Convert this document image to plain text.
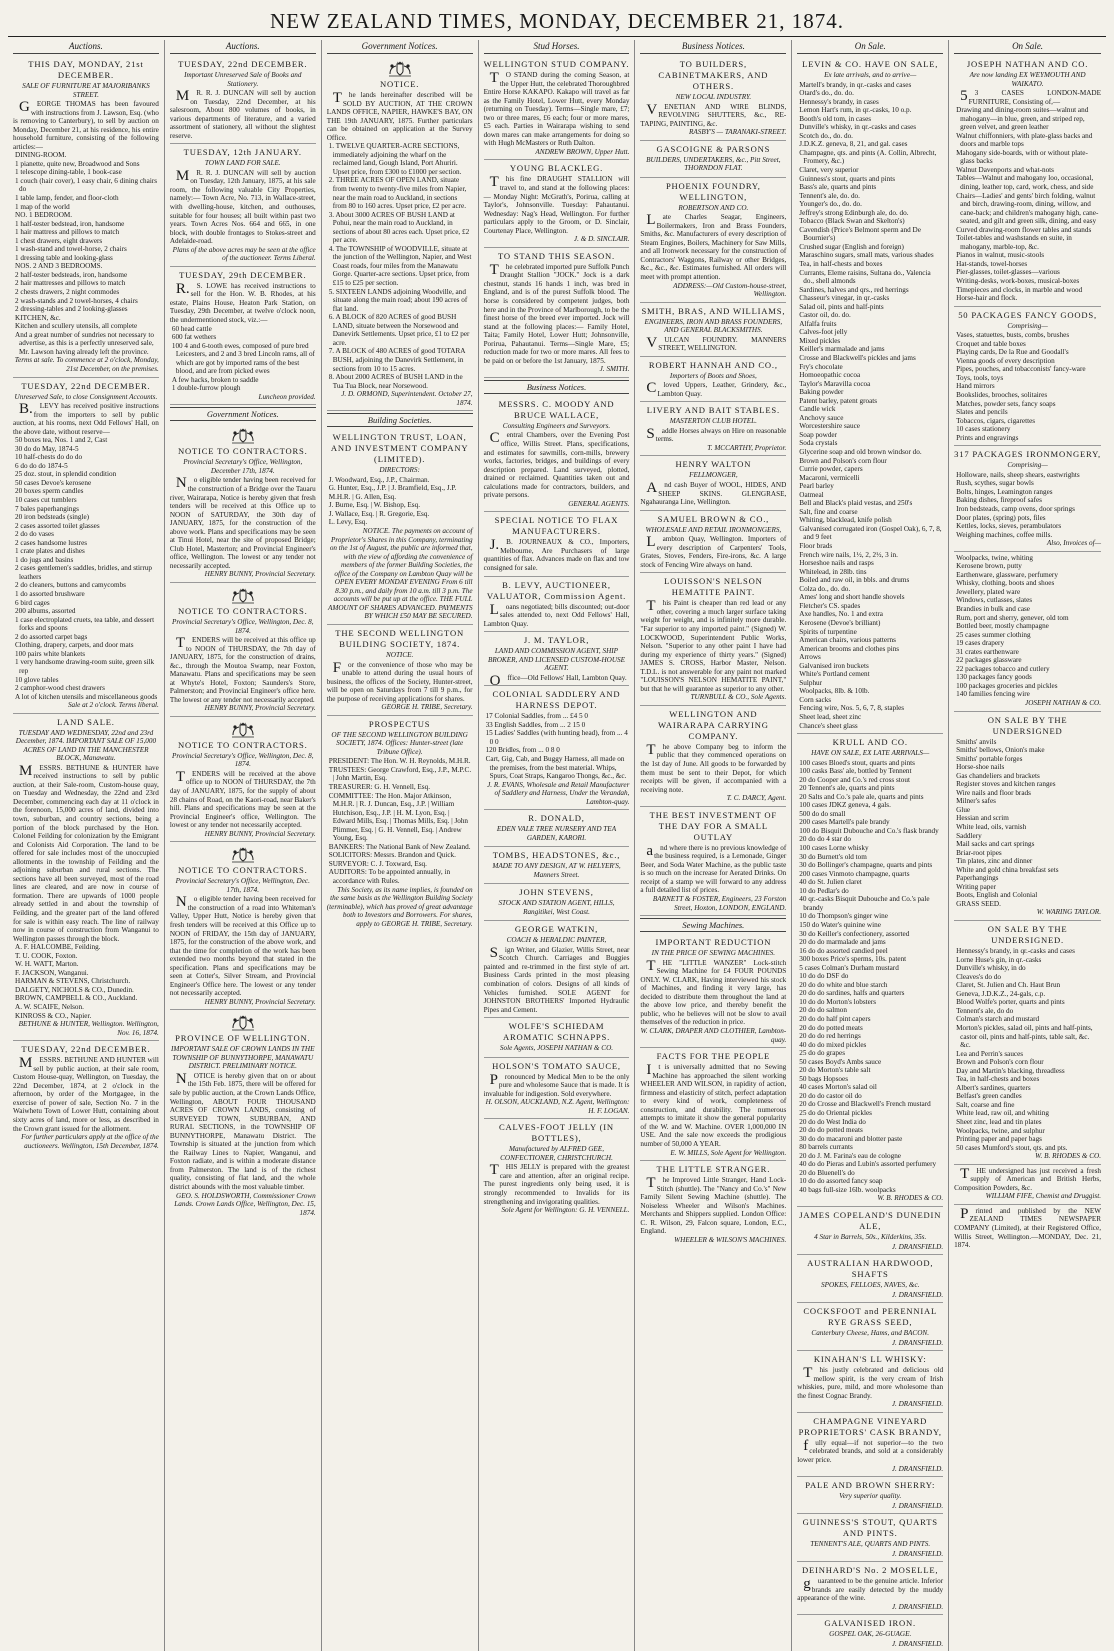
NEW ZEALAND TIMES, MONDAY, DECEMBER 21, 1874.
Auctions.
THIS DAY, MONDAY, 21st DECEMBER.
SALE OF FURNITURE AT MAJORIBANKS STREET.

GEORGE THOMAS has been favoured with instructions from J. Lawson, Esq. (who is removing to Canterbury), to sell by auction on Monday, December 21, at his residence, his entire household furniture, consisting of the following articles:—

DINING-ROOM.
1 pianette, quite new, Broadwood and Sons
1 telescope dining-table, 1 book-case
1 couch (hair cover), 1 easy chair, 6 dining chairs do
1 table lamp, fender, and floor-cloth
1 map of the world
NO. 1 BEDROOM.
1 half-tester bedstead, iron, handsome
1 hair mattress and pillows to match
1 chest drawers, eight drawers
1 wash-stand and towel-horse, 2 chairs
1 dressing table and looking-glass
NOS. 2 AND 3 BEDROOMS.
2 half-tester bedsteads, iron, handsome
2 hair mattresses and pillows to match
2 chests drawers, 2 night commodes
2 wash-stands and 2 towel-horses, 4 chairs
2 dressing-tables and 2 looking-glasses
KITCHEN, &c.
Kitchen and scullery utensils, all complete
And a great number of sundries not necessary to advertise, as this is a perfectly unreserved sale, Mr. Lawson having already left the province.

Terms at sale. To commence at 2 o'clock, Monday, 21st December, on the premises.

TUESDAY, 22nd DECEMBER.
Unreserved Sale, to close Consignment Accounts.

B.LEVY has received positive instructions from the importers to sell by public auction, at his rooms, next Odd Fellows' Hall, on the above date, without reserve—

50 boxes tea, Nos. 1 and 2, Cast
30 do do May, 1874-5
10 half-chests do do do
6 do do do 1874-5
25 doz. stout, in splendid condition
50 cases Devoe's kerosene
20 boxes sperm candles
10 cases cut tumblers
7 bales paperhangings
20 iron bedsteads (single)
2 cases assorted toilet glasses
2 do do vases
2 cases handsome lustres
1 crate plates and dishes
1 do jugs and basins
2 cases gentlemen's saddles, bridles, and stirrup leathers
2 do cleaners, buttons and camycombs
1 do assorted brushware
6 bird cages
200 albums, assorted
1 case electroplated cruets, tea table, and dessert forks and spoons
2 do assorted carpet bags
Clothing, drapery, carpets, and door mats
100 pairs white blankets
1 very handsome drawing-room suite, green silk rep
10 glove tables
2 camphor-wood chest drawers
A lot of kitchen utensils and miscellaneous goods

Sale at 2 o'clock. Terms liberal.

LAND SALE.
TUESDAY AND WEDNESDAY, 22nd and 23rd December, 1874. IMPORTANT SALE OF 15,000 ACRES OF LAND IN THE MANCHESTER BLOCK, Manawatu.

MESSRS. BETHUNE & HUNTER have received instructions to sell by public auction, at their Sale-room, Custom-house quay, on Tuesday and Wednesday, the 22nd and 23rd December, commencing each day at 11 o'clock in the forenoon, 15,000 acres of land, divided into town, suburban, and country sections, being a portion of the block purchased by the Hon. Colonel Feilding for colonization by the Emigrant and Colonists Aid Corporation. The land to be offered for sale includes most of the unoccupied allotments in the township of Feilding and the adjoining suburban and rural sections. The sections have all been surveyed, most of the road lines are cleared, and are now in course of formation. There are upwards of 1000 people already settled in and about the township of Feilding, and the greater part of the land offered for sale is within easy reach. The line of railway now in course of construction from Wanganui to Wellington passes through the block.

A. F. HALCOMBE, Feilding.
T. U. COOK, Foxton.
W. H. WATT, Marton.
F. JACKSON, Wanganui.
HARMAN & STEVENS, Christchurch.
DALGETY, NICHOLS & CO., Dunedin.
BROWN, CAMPBELL & CO., Auckland.
A. W. SCAIFE, Nelson.
KINROSS & CO., Napier.

BETHUNE & HUNTER, Wellington. Wellington, Nov. 16, 1874.

TUESDAY, 22nd DECEMBER.

MESSRS. BETHUNE AND HUNTER will sell by public auction, at their sale room, Custom House-quay, Wellington, on Tuesday, the 22nd December, 1874, at 2 o'clock in the afternoon, by order of the Mortgagee, in the exercise of power of sale, Section No. 7 in the Waiwhetu Town of Lower Hutt, containing about sixty acres of land, more or less, as described in the Crown grant issued for the allotment.

For further particulars apply at the office of the auctioneers. Wellington, 15th December, 1874.

Auctions.
TUESDAY, 22nd DECEMBER.
Important Unreserved Sale of Books and Stationery.

MR. R. J. DUNCAN will sell by auction on Tuesday, 22nd December, at his salesroom, About 800 volumes of books, in various departments of literature, and a varied assortment of stationery, all without the slightest reserve.

TUESDAY, 12th JANUARY.
TOWN LAND FOR SALE.

MR. R. J. DUNCAN will sell by auction on Tuesday, 12th January, 1875, at his sale room, the following valuable City Properties, namely:— Town Acre, No. 713, in Wallace-street, with dwelling-house, kitchen, and outhouses, suitable for four houses; all built within past two years. Town Acres Nos. 664 and 665, in one block, with double frontages to Stokes-street and Adelaide-road.

Plans of the above acres may be seen at the office of the auctioneer. Terms Liberal.

TUESDAY, 29th DECEMBER.

R.S. LOWE has received instructions to sell for the Hon. W. B. Rhodes, at his estate, Plains House, Heaton Park Station, on Tuesday, 29th December, at twelve o'clock noon, the undermentioned stock, viz.:—

60 head cattle
600 fat wethers
100 4 and 6-tooth ewes, composed of pure bred Leicesters, and 2 and 3 bred Lincoln rams, all of which are got by imported rams of the best blood, and are from picked ewes
A few hacks, broken to saddle
1 double-furrow plough

Luncheon provided.

Government Notices.
NOTICE TO CONTRACTORS.
Provincial Secretary's Office, Wellington, December 17th, 1874.

No eligible tender having been received for the construction of a Bridge over the Tauaru river, Wairarapa, Notice is hereby given that fresh tenders will be received at this Office up to NOON of SATURDAY, the 30th day of JANUARY, 1875, for the construction of the above work. Plans and specifications may be seen at Tinui Hotel, near the site of proposed Bridge; Club Hotel, Masterton; and Provincial Engineer's office, Wellington. The lowest or any tender not necessarily accepted.

HENRY BUNNY, Provincial Secretary.

NOTICE TO CONTRACTORS.
Provincial Secretary's Office, Wellington, Dec. 8, 1874.

TENDERS will be received at this office up to NOON of THURSDAY, the 7th day of JANUARY, 1875, for the construction of drains, &c., through the Moutoa Swamp, near Foxton, Manawatu. Plans and specifications may be seen at Whyte's Hotel, Foxton; Saunders's Store, Palmerston; and Provincial Engineer's office here. The lowest or any tender not necessarily accepted.

HENRY BUNNY, Provincial Secretary.

NOTICE TO CONTRACTORS.
Provincial Secretary's Office, Wellington, Dec. 8, 1874.

TENDERS will be received at the above office up to NOON of THURSDAY, the 7th day of JANUARY, 1875, for the supply of about 28 chains of Road, on the Kaori-road, near Baker's hill. Plans and specifications may be seen at the Provincial Engineer's office, Wellington. The lowest or any tender not necessarily accepted.

HENRY BUNNY, Provincial Secretary.

NOTICE TO CONTRACTORS.
Provincial Secretary's Office, Wellington, Dec. 17th, 1874.

No eligible tender having been received for the construction of a road into Whiteman's Valley, Upper Hutt, Notice is hereby given that fresh tenders will be received at this Office up to NOON of FRIDAY, the 15th day of JANUARY, 1875, for the construction of the above work, and that the time for completion of the work has been extended two months beyond that stated in the specification. Plans and specifications may be seen at Cotter's, Silver Stream, and Provincial Engineer's Office here. The lowest or any tender not necessarily accepted.

HENRY BUNNY, Provincial Secretary.

PROVINCE OF WELLINGTON.
IMPORTANT SALE OF CROWN LANDS IN THE TOWNSHIP OF BUNNYTHORPE, MANAWATU DISTRICT. PRELIMINARY NOTICE.

NOTICE is hereby given that on or about the 15th Feb. 1875, there will be offered for sale by public auction, at the Crown Lands Office, Wellington, ABOUT FOUR THOUSAND ACRES OF CROWN LANDS, consisting of SURVEYED TOWN, SUBURBAN, AND RURAL SECTIONS, in the TOWNSHIP OF BUNNYTHORPE, Manawatu District. The Township is situated at the junction from which the Railway Lines to Napier, Wanganui, and Foxton radiate, and is within a moderate distance from Palmerston. The land is of the richest quality, consisting of flat land, and the whole district abounds with the most valuable timber.

GEO. S. HOLDSWORTH, Commissioner Crown Lands. Crown Lands Office, Wellington, Dec. 15, 1874.

Government Notices.
NOTICE.

The lands hereinafter described will be SOLD BY AUCTION, AT THE CROWN LANDS OFFICE, NAPIER, HAWKE'S BAY, ON THE 19th JANUARY, 1875. Further particulars can be obtained on application at the Survey Office.

1. TWELVE QUARTER-ACRE SECTIONS, immediately adjoining the wharf on the reclaimed land, Gough Island, Port Ahuriri. Upset price, from £300 to £1000 per section.
2. THREE ACRES OF OPEN LAND, situate from twenty to twenty-five miles from Napier, near the main road to Auckland, in sections from 80 to 160 acres. Upset price, £2 per acre.
3. About 3000 ACRES OF BUSH LAND at Pohui, near the main road to Auckland, in sections of about 80 acres each. Upset price, £2 per acre.
4. The TOWNSHIP of WOODVILLE, situate at the junction of the Wellington, Napier, and West Coast roads, four miles from the Manawatu Gorge. Quarter-acre sections. Upset price, from £15 to £25 per section.
5. SIXTEEN LANDS adjoining Woodville, and situate along the main road; about 190 acres of flat land.
6. A BLOCK of 820 ACRES of good BUSH LAND, situate between the Norsewood and Danevirk Settlements. Upset price, £1 to £2 per acre.
7. A BLOCK of 480 ACRES of good TOTARA BUSH, adjoining the Danevirk Settlement, in sections from 10 to 15 acres.
8. About 2000 ACRES of BUSH LAND in the Tua Tua Block, near Norsewood.

J. D. ORMOND, Superintendent. October 27, 1874.

Building Societies.
WELLINGTON TRUST, LOAN, AND INVESTMENT COMPANY (LIMITED).
DIRECTORS:
J. Woodward, Esq., J.P., Chairman.
G. Hunter, Esq., J.P. | J. Bramfield, Esq., J.P.
M.H.R. | G. Allen, Esq.
J. Burne, Esq. | W. Bishop, Esq.
J. Wallace, Esq. | R. Gregorie, Esq.
L. Levy, Esq.

NOTICE. The payments on account of Proprietor's Shares in this Company, terminating on the 1st of August, the public are informed that, with the view of affording the convenience of members of the former Building Societies, the office of the Company on Lambton Quay will be OPEN EVERY MONDAY EVENING From 6 till 8.30 p.m., and daily from 10 a.m. till 3 p.m. The accounts will be put up at the office. THE FULL AMOUNT OF SHARES ADVANCED. PAYMENTS BY WHICH £50 MAY BE SECURED.

THE SECOND WELLINGTON BUILDING SOCIETY, 1874.
NOTICE.

For the convenience of those who may be unable to attend during the usual hours of business, the offices of the Society, Hunter-street, will be open on Saturdays from 7 till 9 p.m., for the purpose of receiving applications for shares.

GEORGE H. TRIBE, Secretary.

PROSPECTUS
OF THE SECOND WELLINGTON BUILDING SOCIETY, 1874. Offices: Hunter-street (late Tribune Office).
PRESIDENT: The Hon. W. H. Reynolds, M.H.R.
TRUSTEES: George Crawford, Esq., J.P., M.P.C. | John Martin, Esq.
TREASURER: G. H. Vennell, Esq.
COMMITTEE: The Hon. Major Atkinson, M.H.R. | R. J. Duncan, Esq., J.P. | William Hutchison, Esq., J.P. | H. M. Lyon, Esq. | Edward Mills, Esq. | Thomas Mills, Esq. | John Plimmer, Esq. | G. H. Vennell, Esq. | Andrew Young, Esq.
BANKERS: The National Bank of New Zealand.
SOLICITORS: Messrs. Brandon and Quick.
SURVEYOR: C. J. Toxward, Esq.
AUDITORS: To be appointed annually, in accordance with Rules.

This Society, as its name implies, is founded on the same basis as the Wellington Building Society (terminable), which has proved of great advantage both to Investors and Borrowers. For shares, apply to GEORGE H. TRIBE, Secretary.

Stud Horses.
WELLINGTON STUD COMPANY.

TO STAND during the coming Season, at the Upper Hutt, the celebrated Thoroughbred Entire Horse KAKAPO. Kakapo will travel as far as the Family Hotel, Lower Hutt, every Monday (returning on Tuesday). Terms—Single mare, £7; two or three mares, £6 each; four or more mares, £5 each. Parties in Wairarapa wishing to send down mares can make arrangements for doing so with Hugh McMasters or Ruth Dalton.

ANDREW BROWN, Upper Hutt.

YOUNG BLACKLEG.

This fine DRAUGHT STALLION will travel to, and stand at the following places:— Monday Night: McGrath's, Porirua, calling at Taylor's, Johnsonville. Tuesday: Pahautanui. Wednesday: Nag's Head, Wellington. For further particulars apply to the Groom, or D. Sinclair, Courtenay Place, Wellington.

J. & D. SINCLAIR.

TO STAND THIS SEASON.

The celebrated imported pure Suffolk Punch Draught Stallion "JOCK." Jock is a dark chestnut, stands 16 hands 1 inch, was bred in England, and is of the purest Suffolk blood. The horse is considered by competent judges, both here and in the Province of Marlborough, to be the finest horse of the breed ever imported. Jock will stand at the following places:— Family Hotel, Taita; Family Hotel, Lower Hutt; Johnsonville, Porirua, Pahautanui. Terms—Single Mare, £5; reduction made for two or more mares. All fees to be paid on or before the 1st January, 1875.

J. SMITH.

Business Notices.
MESSRS. C. MOODY AND BRUCE WALLACE,
Consulting Engineers and Surveyors.

Central Chambers, over the Evening Post office, Willis Street. Plans, specifications, and estimates for sawmills, corn-mills, brewery works, factories, bridges, and buildings of every description prepared. Land surveyed, plotted, drained or reclaimed. Quantities taken out and calculations made for contractors, builders, and private persons.

GENERAL AGENTS.

SPECIAL NOTICE TO FLAX MANUFACTURERS.

J.B. JOURNEAUX & CO., Importers, Melbourne, Are Purchasers of large quantities of flax. Advances made on flax and tow consigned for sale.

B. LEVY, AUCTIONEER, VALUATOR, Commission Agent.

Loans negotiated; bills discounted; out-door sales attended to, next Odd Fellows' Hall, Lambton Quay.

J. M. TAYLOR,
LAND AND COMMISSION AGENT, SHIP BROKER, AND LICENSED CUSTOM-HOUSE AGENT.

Office—Old Fellows' Hall, Lambton Quay.

COLONIAL SADDLERY AND HARNESS DEPOT.
17 Colonial Saddles, from ... £4 5 0
33 English Saddles, from ... 2 15 0
15 Ladies' Saddles (with hunting head), from ... 4 0 0
120 Bridles, from ... 0 8 0
Cart, Gig, Cab, and Buggy Harness, all made on the premises, from the best material. Whips, Spurs, Coat Straps, Kangaroo Thongs, &c., &c.

J. R. EVANS, Wholesale and Retail Manufacturer of Saddlery and Harness, Under the Verandah, Lambton-quay.

R. DONALD,
EDEN VALE TREE NURSERY AND TEA GARDEN, KARORI.
TOMBS, HEADSTONES, &c.,
MADE TO ANY DESIGN, AT W. HELYER'S, Manners Street.
JOHN STEVENS,
STOCK AND STATION AGENT, HILLS, Rangitikei, West Coast.
GEORGE WATKIN,
COACH & HERALDIC PAINTER,

Sign Writer, and Glazier, Willis Street, near Scotch Church. Carriages and Buggies painted and re-trimmed in the first style of art. Business Cards printed in the most pleasing combination of colors. Designs of all kinds of Vehicles furnished. SOLE AGENT for JOHNSTON BROTHERS' Imported Hydraulic Pipes and Cement.

WOLFE'S SCHIEDAM AROMATIC SCHNAPPS.
Sole Agents, JOSEPH NATHAN & CO.
HOLSON'S TOMATO SAUCE,

Pronounced by Medical Men to be the only pure and wholesome Sauce that is made. It is invaluable for indigestion. Sold everywhere.

H. OLSON, AUCKLAND, N.Z. Agent, Wellington: H. F. LOGAN.

CALVES-FOOT JELLY (IN BOTTLES),
Manufactured by ALFRED GEE, CONFECTIONER, CHRISTCHURCH.

THIS JELLY is prepared with the greatest care and attention, after an original recipe. The purest ingredients only being used, it is strongly recommended to Invalids for its strengthening and invigorating qualities.

Sole Agent for Wellington: G. H. VENNELL.

Business Notices.
TO BUILDERS, CABINETMAKERS, AND OTHERS.
NEW LOCAL INDUSTRY.

VENETIAN AND WIRE BLINDS, REVOLVING SHUTTERS, &c., RE-TAPING, PAINTING, &c.

RASBY'S — TARANAKI-STREET.

GASCOIGNE & PARSONS
BUILDERS, UNDERTAKERS, &c., Pitt Street, THORNDON FLAT.
PHOENIX FOUNDRY, WELLINGTON,
ROBERTSON AND CO.

Late Charles Seagar, Engineers, Boilermakers, Iron and Brass Founders, Smiths, &c. Manufacturers of every description of Steam Engines, Boilers, Machinery for Saw Mills, and all Ironwork necessary for the construction of Contractors' Waggons, Railway or other Bridges, &c., &c., &c. Estimates furnished. All orders will meet with prompt attention.

ADDRESS:—Old Custom-house-street, Wellington.

SMITH, BRAS, AND WILLIAMS,
ENGINEERS, IRON AND BRASS FOUNDERS, AND GENERAL BLACKSMITHS.

VULCAN FOUNDRY. MANNERS STREET, WELLINGTON.

ROBERT HANNAH AND CO.,
Importers of Boots and Shoes,

Cloved Uppers, Leather, Grindery, &c., Lambton Quay.

LIVERY AND BAIT STABLES.
MASTERTON CLUB HOTEL.

Saddle Horses always on Hire on reasonable terms.

T. MCCARTHY, Proprietor.

HENRY WALTON
FELLMONGER,

And cash Buyer of WOOL, HIDES, AND SHEEP SKINS. GLENGRASE, Ngahauranga Line, Wellington.

SAMUEL BROWN & CO.,
WHOLESALE AND RETAIL IRONMONGERS,

Lambton Quay, Wellington. Importers of every description of Carpenters' Tools, Grates, Stoves, Fenders, Fire-irons, &c. A large stock of Fencing Wire always on hand.

LOUISSON'S NELSON HEMATITE PAINT.

This Paint is cheaper than red lead or any other, covering a much larger surface taking weight for weight, and is infinitely more durable. "Far superior to any imported paint." (Signed) W. LOCKWOOD, Superintendent Public Works, Nelson. "Superior to any other paint I have had during my experience of thirty years." (Signed) JAMES S. CROSS, Harbor Master, Nelson. T.D.L. is not answerable for any paint not marked "LOUISSON'S NELSON HEMATITE PAINT," but that he will guarantee as superior to any other.

TURNBULL & CO., Sole Agents.

WELLINGTON AND WAIRARAPA CARRYING COMPANY.

The above Company beg to inform the public that they commenced operations on the 1st day of June. All goods to be forwarded by them must be sent to their Depot, for which receipts will be given, if accompanied with a receiving note.

T. C. DARCY, Agent.

THE BEST INVESTMENT OF THE DAY FOR A SMALL OUTLAY

and where there is no previous knowledge of the business required, is a Lemonade, Ginger Beer, and Soda Water Machine, as the public taste is so much on the increase for Aerated Drinks. On receipt of a stamp we will forward to any address a full detailed list of prices.

BARNETT & FOSTER, Engineers, 23 Forston Street, Hoxton, LONDON, ENGLAND.

Sewing Machines.
IMPORTANT REDUCTION
IN THE PRICE OF SEWING MACHINES.

THE "LITTLE WANZER" Lock-stitch Sewing Machine for £4 FOUR POUNDS ONLY. W. CLARK, Having interviewed his stock of Machines, and finding it very large, has decided to distribute them throughout the land at the above low price, and thereby benefit the public, who he believes will not be slow to avail themselves of the reduction in price.

W. CLARK, DRAPER AND CLOTHIER, Lambton-quay.

FACTS FOR THE PEOPLE

It is universally admitted that no Sewing Machine has approached the silent working WHEELER AND WILSON, in rapidity of action, firmness and elasticity of stitch, perfect adaptation to every kind of work, completeness of construction, and durability. The numerous attempts to imitate it show the general popularity of the W. and W. Machine. OVER 1,000,000 IN USE. And the sale now exceeds the prodigious number of 50,000 A YEAR.

E. W. MILLS, Sole Agent for Wellington.

THE LITTLE STRANGER.

The Improved Little Stranger, Hand Lock-Stitch (shuttle). The "Nancy and Co.'s" New Family Silent Sewing Machine (shuttle). The Noiseless Wheeler and Wilson's Machines. Merchants and Shippers supplied. London Office: C. R. Wilson, 29, Falcon square, London, E.C., England.

WHEELER & WILSON'S MACHINES.

On Sale.
LEVIN & CO. HAVE ON SALE,
Ex late arrivals, and to arrive—
Martell's brandy, in qr.-casks and cases
Otard's do., do. do.
Hennessy's brandy, in cases
Lemon Hart's rum, in qr.-casks, 10 o.p.
Booth's old tom, in cases
Dunville's whisky, in qr.-casks and cases
Scotch do., do. do.
J.D.K.Z. geneva, 8, 21, and gal. cases
Champagne, qts. and pints (A. Collin, Albrecht, Fromery, &c.)
Claret, very superior
Guinness's stout, quarts and pints
Bass's ale, quarts and pints
Tennent's ale, do. do.
Younger's do., do. do.
Jeffrey's strong Edinburgh ale, do. do.
Tobacco (Black Swan and Skelton's)
Cavendish (Price's Belmont sperm and De Bournier's)
Crushed sugar (English and foreign)
Maraschino sugars, small mats, various shades
Tea, in half-chests and boxes
Currants, Eleme raisins, Sultana do., Valencia do., shell almonds
Sardines, halves and qrs., red herrings
Chasseur's vinegar, in qr.-casks
Salad oil, pints and half-pints
Castor oil, do. do.
Alfalfa fruits
Calves-foot jelly
Mixed pickles
Keiller's marmalade and jams
Crosse and Blackwell's pickles and jams
Fry's chocolate
Homoeopathic cocoa
Taylor's Maravilla cocoa
Baking powder
Patent barley, patent groats
Candle wick
Anchovy sauce
Worcestershire sauce
Soap powder
Soda crystals
Glycerine soap and old brown windsor do.
Brown and Polson's corn flour
Currie powder, capers
Macaroni, vermicelli
Pearl barley
Oatmeal
Bell and Black's plaid vestas, and 250's
Salt, fine and coarse
Whiting, blacklead, knife polish
Galvanised corrugated iron (Gospel Oak), 6, 7, 8, and 9 feet
Floor brads
French wire nails, 1½, 2, 2½, 3 in.
Horseshoe nails and rasps
Whitelead, in 28lb. tins
Boiled and raw oil, in bbls. and drums
Colza do., do. do.
Ames' long and short handle shovels
Fletcher's CS. spades
Axe handles, No. 1 and extra
Kerosene (Devoe's brilliant)
Spirits of turpentine
American chairs, various patterns
American brooms and clothes pins
Arrows
Galvanised iron buckets
White's Portland cement
Sulphur
Woolpacks, 8lb. & 10lb.
Corn sacks
Fencing wire, Nos. 5, 6, 7, 8, staples
Sheet lead, sheet zinc
Chance's sheet glass
KRULL AND CO.
HAVE ON SALE, EX LATE ARRIVALS—
100 cases Bloed's stout, quarts and pints
100 casks Bass' ale, bottled by Tennent
20 do Cooper and Co.'s red cross stout
20 Tennent's ale, quarts and pints
20 Salts and Co.'s pale ale, quarts and pints
100 cases JDKZ geneva, 4 gals.
500 do do small
200 cases Martell's pale brandy
100 do Bisquit Dubouche and Co.'s flask brandy
20 do do 4 star do
100 cases Lorne whisky
30 do Burnett's old tom
30 do Bollinger's champagne, quarts and pints
200 cases Vinmoto champagne, quarts
40 do St. Julien claret
10 do Pedlar's do
40 qr.-casks Bisquit Dubouche and Co.'s pale brandy
10 do Thompson's ginger wine
150 do Water's quinine wine
30 do Keiller's confectionery, assorted
20 do do marmalade and jams
16 do do assorted candied peel
300 boxes Price's sperms, 10s. patent
5 cases Colman's Durham mustard
10 do do DSF do
20 do do white and blue starch
20 do do sardines, halfs and quarters
10 do do Morton's lobsters
20 do do salmon
20 do do half pint capers
20 do do potted meats
20 do do red herrings
40 do do mixed pickles
25 do do grapes
50 cases Boyd's Ambs sauce
20 do Morton's table salt
50 bags Hopsoes
40 cases Morton's salad oil
20 do do castor oil do
20 do Crosse and Blackwell's French mustard
25 do do Oriental pickles
20 do do West India do
20 do do potted meats
30 do do macaroni and blotter paste
80 barrels currants
20 do J. M. Farina's eau de cologne
40 do do Pieras and Lubin's assorted perfumery
20 do Bluenell's do
10 do do assorted fancy soap
40 bags full-size 16lb. woolpacks

W. B. RHODES & CO.

JAMES COPELAND'S DUNEDIN ALE,
4 Star in Barrels, 50s., Kilderkins, 35s.

J. DRANSFIELD.

AUSTRALIAN HARDWOOD, SHAFTS
SPOKES, FELLOES, NAVES, &c.

J. DRANSFIELD.

COCKSFOOT and PERENNIAL RYE GRASS SEED,
Canterbury Cheese, Hams, and BACON.

J. DRANSFIELD.

KINAHAN'S LL WHISKY:

This justly celebrated and delicious old mellow spirit, is the very cream of Irish whiskies, pure, mild, and more wholesome than the finest Cognac Brandy.

J. DRANSFIELD.

CHAMPAGNE VINEYARD PROPRIETORS' CASK BRANDY,

fully equal—if not superior—to the two celebrated brands, and sold at a considerably lower price.

J. DRANSFIELD.

PALE AND BROWN SHERRY:
Very superior quality.

J. DRANSFIELD.

GUINNESS'S STOUT, QUARTS AND PINTS.
TENNENT'S ALE, QUARTS AND PINTS.

J. DRANSFIELD.

DEINHARD'S No. 2 MOSELLE,

guaranteed to be the genuine article. Inferior brands are easily detected by the muddy appearance of the wine.

J. DRANSFIELD.

GALVANISED IRON.
GOSPEL OAK, 26-GUAGE.

J. DRANSFIELD.

On Sale.
JOSEPH NATHAN AND CO.
Are now landing EX WEYMOUTH AND WAIKATO.

53 CASES LONDON-MADE FURNITURE, Consisting of,—

Drawing and dining-room suites—walnut and mahogany—in blue, green, and striped rep, green velvet, and green leather
Walnut chiffonniers, with plate-glass backs and doors and marble tops
Mahogany side-boards, with or without plate-glass backs
Walnut Davenports and what-nots
Tables—Walnut and mahogany loo, occasional, dining, leather top, card, work, chess, and side
Chairs—Ladies' and gents' birch folding, walnut and birch, drawing-room, dining, willow, and cane-back; and children's mahogany high, cane-seated, and gilt and green silk, dining, and easy
Curved drawing-room flower tables and stands
Toilet-tables and washstands en suite, in mahogany, marble-top, &c.
Pianos in walnut, music-stools
Hat-stands, towel-horses
Pier-glasses, toilet-glasses—various
Writing-desks, work-boxes, musical-boxes
Timepieces and clocks, in marble and wood
Horse-hair and flock.
50 PACKAGES FANCY GOODS,
Comprising—
Vases, statuettes, busts, combs, brushes
Croquet and table boxes
Playing cards, De la Rue and Goodall's
Vienna goods of every description
Pipes, pouches, and tobacconists' fancy-ware
Toys, tools, toys
Hand mirrors
Bookslides, brooches, solitaires
Matches, powder sets, fancy soaps
Slates and pencils
Tobaccos, cigars, cigarettes
10 cases stationery
Prints and engravings
317 PACKAGES IRONMONGERY,
Comprising—
Holloware, nails, sheep shears, eastwrights
Rush, scythes, sugar bowls
Bolts, hinges, Leamington ranges
Baking dishes, fireproof safes
Iron bedsteads, camp ovens, door springs
Door plates, (spring) pots, files
Kettles, locks, sieves, perambulators
Weighing machines, coffee mills.

Also, Invoices of—

Woolpacks, twine, whiting
Kerosene brown, putty
Earthenware, glassware, perfumery
Whisky, clothing, boots and shoes
Jewellery, plated ware
Windows, cutlasses, slates
Brandies in bulk and case
Rum, port and sherry, genever, old tom
Bottled beer, mostly champagne
25 cases summer clothing
19 cases drapery
31 crates earthenware
22 packages glassware
22 packages tobacco and cutlery
130 packages fancy goods
100 packages groceries and pickles
140 families fencing wire

JOSEPH NATHAN & CO.

ON SALE BY THE UNDERSIGNED
Smiths' anvils
Smiths' bellows, Onion's make
Smiths' portable forges
Horse-shoe nails
Gas chandeliers and brackets
Register stoves and kitchen ranges
Wire nails and floor brads
Milner's safes
Glue
Hessian and scrim
White lead, oils, varnish
Saddlery
Mail sacks and cart springs
Briar-root pipes
Tin plates, zinc and dinner
White and gold china breakfast sets
Paperhangings
Writing paper
Boots, English and Colonial
GRASS SEED.

W. WARING TAYLOR.

ON SALE BY THE UNDERSIGNED.
Hennessy's brandy, in qr.-casks and cases
Lorne Huse's gin, in qr.-casks
Dunville's whisky, in do
Cleaves's do do
Claret, St. Julien and Ch. Haut Brun
Geneva, J.D.K.Z., 24-gals, c.p.
Blood Wolfe's porter, quarts and pints
Tennent's ale, do do
Colman's starch and mustard
Morton's pickles, salad oil, pints and half-pints, castor oil, pints and half-pints, table salt, &c. &c.
Lea and Perrin's sauces
Brown and Polson's corn flour
Day and Martin's blacking, threadless
Tea, in half-chests and boxes
Albert's sardines, quarters
Belfast's green candles
Salt, coarse and fine
White lead, raw oil, and whiting
Sheet zinc, lead and tin plates
Woolpacks, twine, and sulphur
Printing paper and paper bags
50 cases Mumford's stout, qts. and pts.

W. B. RHODES & CO.

THE undersigned has just received a fresh supply of American and British Herbs, Composition Powders, &c.

WILLIAM FIFE, Chemist and Druggist.

Printed and published by the NEW ZEALAND TIMES NEWSPAPER COMPANY (Limited), at their Registered Office, Willis Street, Wellington.—MONDAY, Dec. 21, 1874.
